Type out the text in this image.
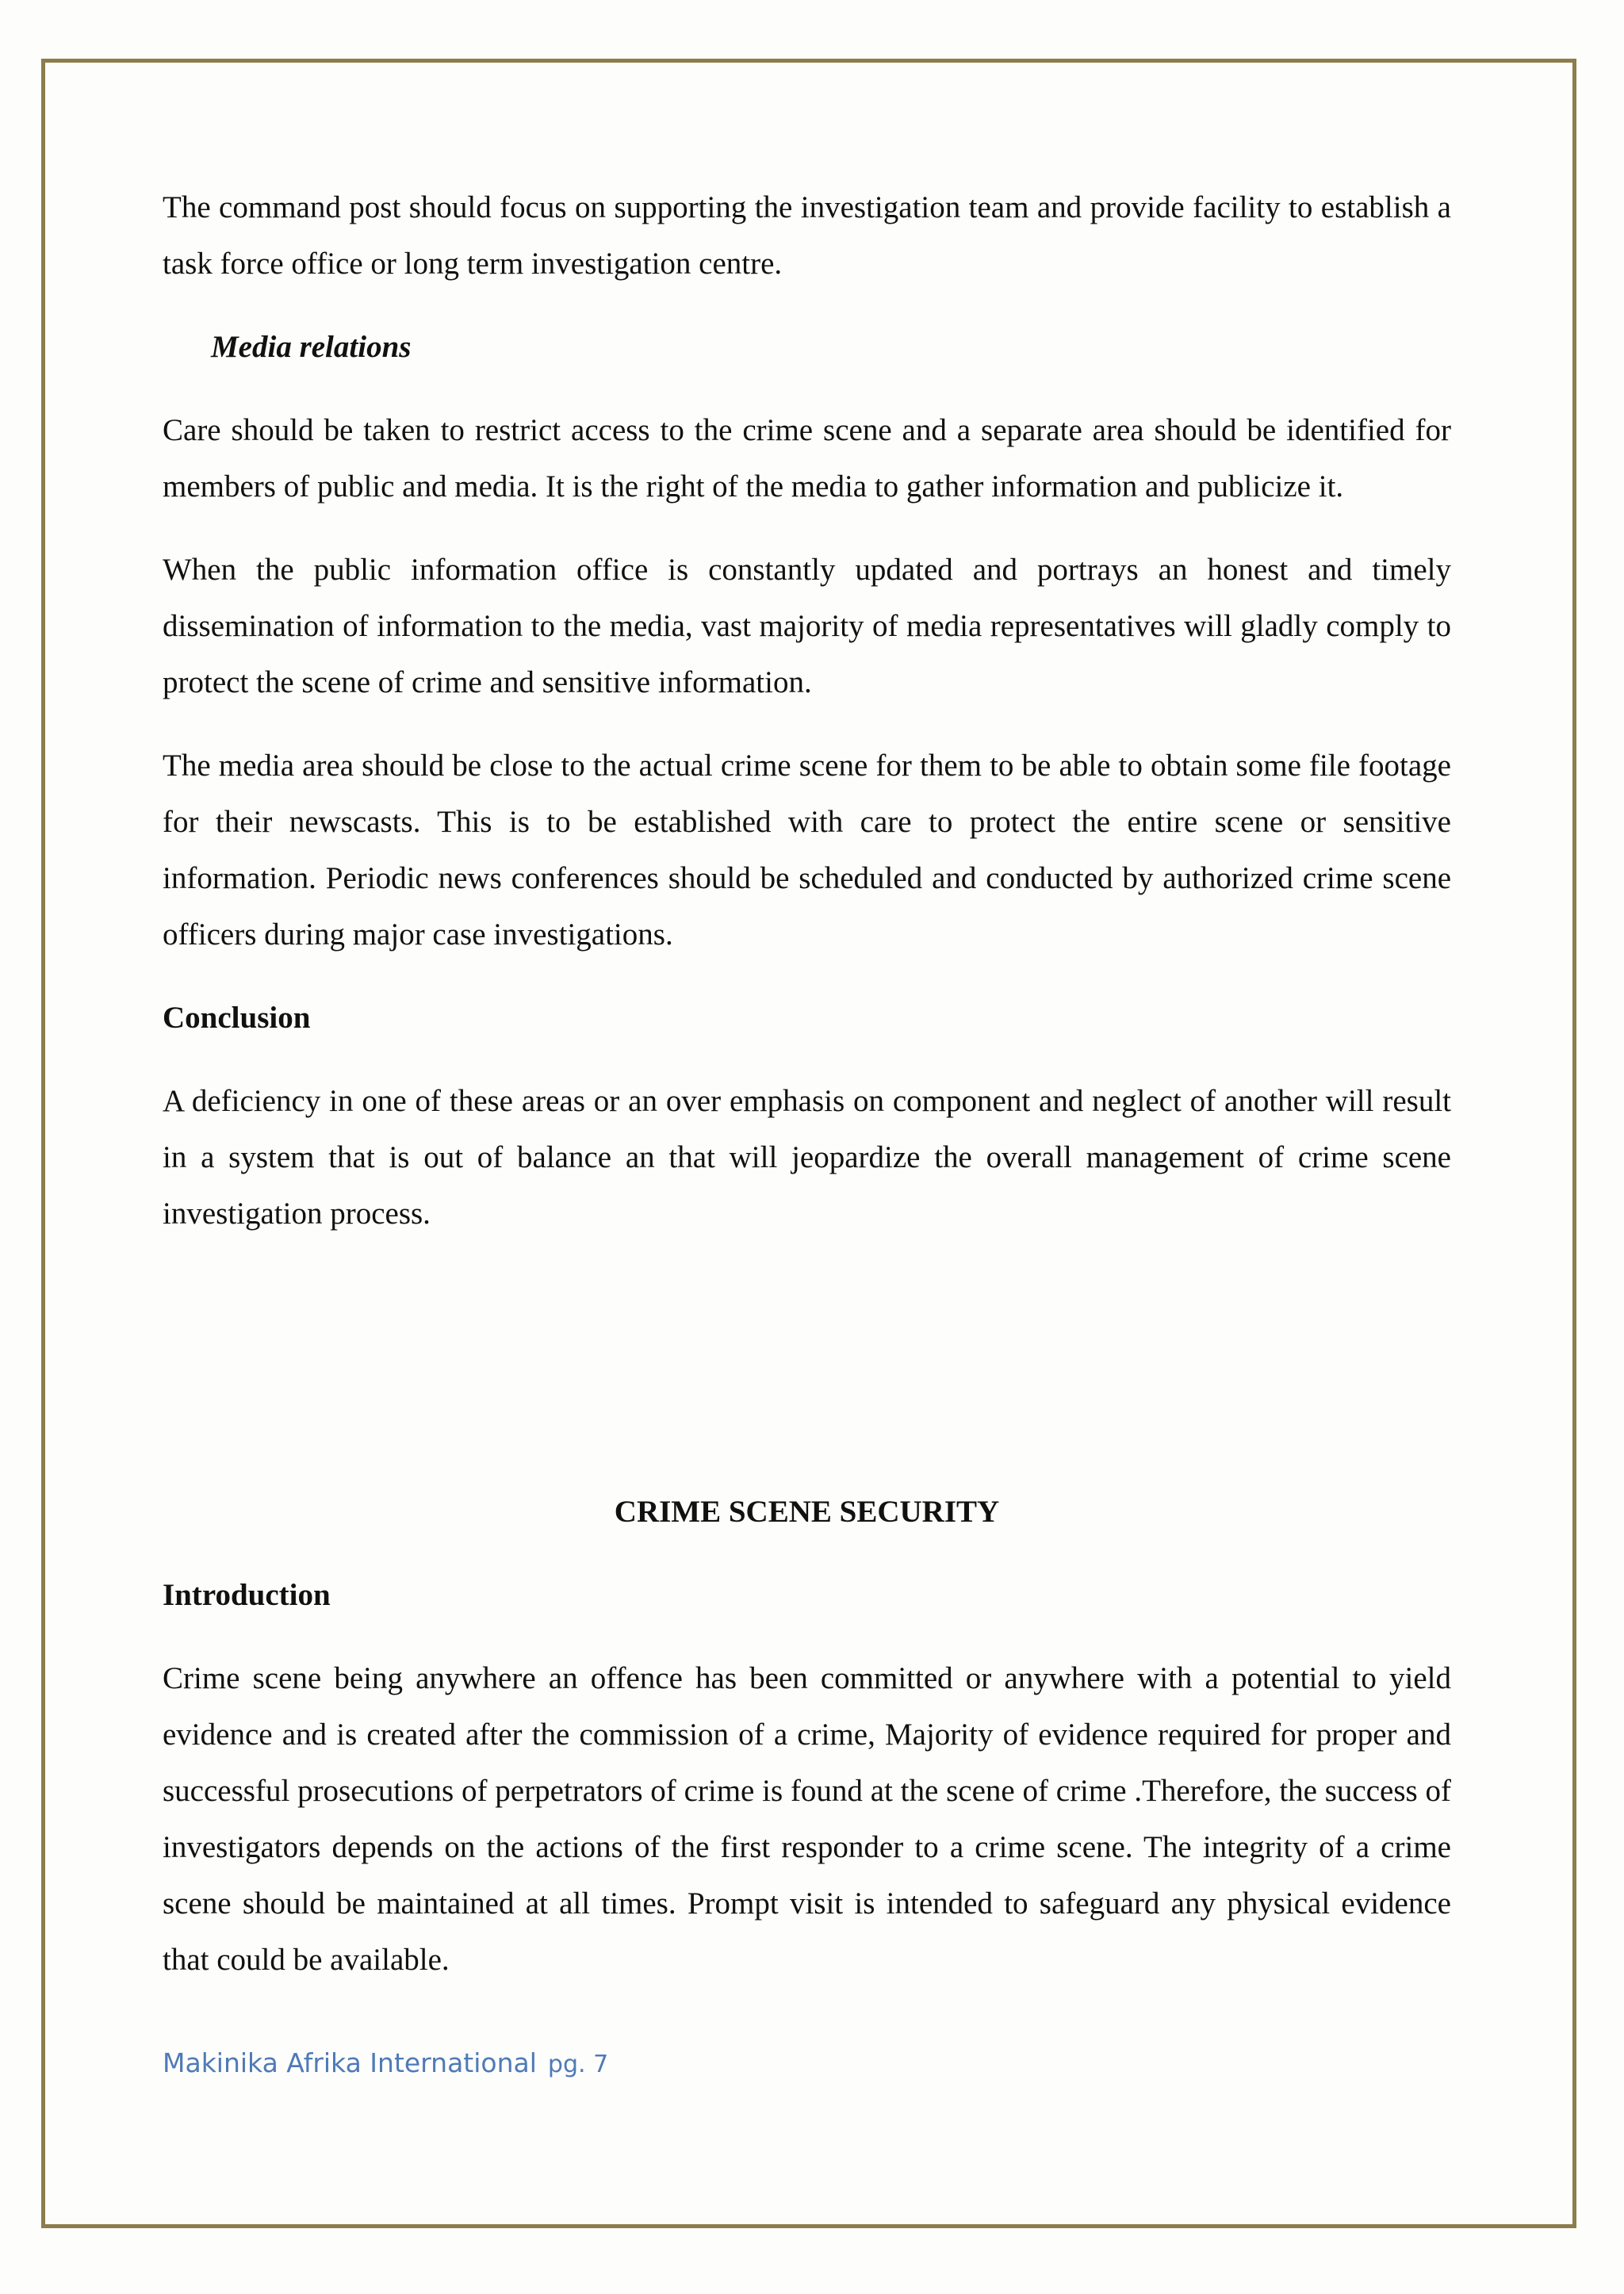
The command post should focus on supporting the investigation team and provide facility to establish a task force office or long term investigation centre.

Media relations

Care should be taken to restrict access to the crime scene and a separate area should be identified for members of public and media. It is the right of the media to gather information and publicize it.

When the public information office is constantly updated and portrays an honest and timely dissemination of information to the media, vast majority of media representatives will gladly comply to protect the scene of crime and sensitive information.

The media area should be close to the actual crime scene for them to be able to obtain some file footage for their newscasts. This is to be established with care to protect the entire scene or sensitive information. Periodic news conferences should be scheduled and conducted by authorized crime scene officers during major case investigations.

Conclusion

A deficiency in one of these areas or an over emphasis on component and neglect of another will result in a system that is out of balance an that will jeopardize the overall management of crime scene investigation process.

CRIME SCENE SECURITY
Introduction

Crime scene being anywhere an offence has been committed or anywhere with a potential to yield evidence and is created after the commission of a crime, Majority of evidence required for proper and successful prosecutions of perpetrators of crime is found at the scene of crime .Therefore, the success of investigators depends on the actions of the first responder to a crime scene. The integrity of a crime scene should be maintained at all times. Prompt visit is intended to safeguard any physical evidence that could be available.

Makinika Afrika International pg. 7
